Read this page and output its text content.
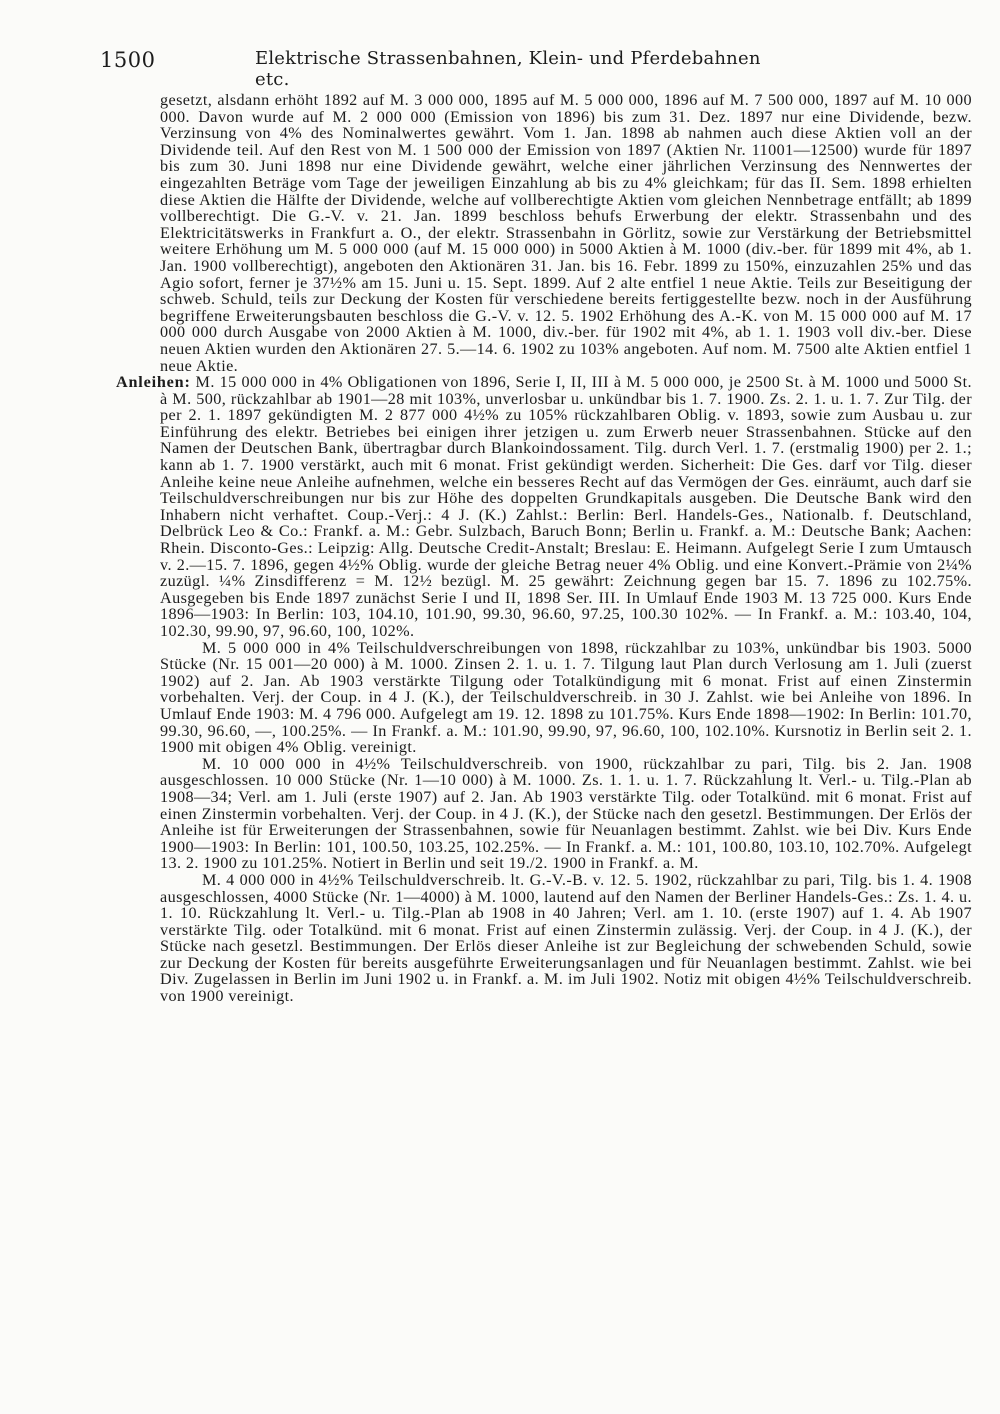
1500	Elektrische Strassenbahnen, Klein- und Pferdebahnen etc.

gesetzt, alsdann erhöht 1892 auf M. 3 000 000, 1895 auf M. 5 000 000, 1896 auf M. 7 500 000, 1897 auf M. 10 000 000. Davon wurde auf M. 2 000 000 (Emission von 1896) bis zum 31. Dez. 1897 nur eine Dividende, bezw. Verzinsung von 4% des Nominalwertes gewährt. Vom 1. Jan. 1898 ab nahmen auch diese Aktien voll an der Dividende teil. Auf den Rest von M. 1 500 000 der Emission von 1897 (Aktien Nr. 11001—12500) wurde für 1897 bis zum 30. Juni 1898 nur eine Dividende gewährt, welche einer jährlichen Verzinsung des Nennwertes der eingezahlten Beträge vom Tage der jeweiligen Einzahlung ab bis zu 4% gleichkam; für das II. Sem. 1898 erhielten diese Aktien die Hälfte der Dividende, welche auf vollberechtigte Aktien vom gleichen Nennbetrage entfällt; ab 1899 vollberechtigt. Die G.-V. v. 21. Jan. 1899 beschloss behufs Erwerbung der elektr. Strassenbahn und des Elektricitätswerks in Frankfurt a. O., der elektr. Strassenbahn in Görlitz, sowie zur Verstärkung der Betriebsmittel weitere Erhöhung um M. 5 000 000 (auf M. 15 000 000) in 5000 Aktien à M. 1000 (div.-ber. für 1899 mit 4%, ab 1. Jan. 1900 vollberechtigt), angeboten den Aktionären 31. Jan. bis 16. Febr. 1899 zu 150%, einzuzahlen 25% und das Agio sofort, ferner je 37½% am 15. Juni u. 15. Sept. 1899. Auf 2 alte entfiel 1 neue Aktie. Teils zur Beseitigung der schweb. Schuld, teils zur Deckung der Kosten für verschiedene bereits fertiggestellte bezw. noch in der Ausführung begriffene Erweiterungsbauten beschloss die G.-V. v. 12. 5. 1902 Erhöhung des A.-K. von M. 15 000 000 auf M. 17 000 000 durch Ausgabe von 2000 Aktien à M. 1000, div.-ber. für 1902 mit 4%, ab 1. 1. 1903 voll div.-ber. Diese neuen Aktien wurden den Aktionären 27. 5.—14. 6. 1902 zu 103% angeboten. Auf nom. M. 7500 alte Aktien entfiel 1 neue Aktie.

Anleihen: M. 15 000 000 in 4% Obligationen von 1896, Serie I, II, III à M. 5 000 000, je 2500 St. à M. 1000 und 5000 St. à M. 500, rückzahlbar ab 1901—28 mit 103%, unverlosbar u. unkündbar bis 1. 7. 1900. Zs. 2. 1. u. 1. 7. Zur Tilg. der per 2. 1. 1897 gekündigten M. 2 877 000 4½% zu 105% rückzahlbaren Oblig. v. 1893, sowie zum Ausbau u. zur Einführung des elektr. Betriebes bei einigen ihrer jetzigen u. zum Erwerb neuer Strassenbahnen. Stücke auf den Namen der Deutschen Bank, übertragbar durch Blankoindossament. Tilg. durch Verl. 1. 7. (erstmalig 1900) per 2. 1.; kann ab 1. 7. 1900 verstärkt, auch mit 6 monat. Frist gekündigt werden. Sicherheit: Die Ges. darf vor Tilg. dieser Anleihe keine neue Anleihe aufnehmen, welche ein besseres Recht auf das Vermögen der Ges. einräumt, auch darf sie Teilschuldverschreibungen nur bis zur Höhe des doppelten Grundkapitals ausgeben. Die Deutsche Bank wird den Inhabern nicht verhaftet. Coup.-Verj.: 4 J. (K.) Zahlst.: Berlin: Berl. Handels-Ges., Nationalb. f. Deutschland, Delbrück Leo & Co.: Frankf. a. M.: Gebr. Sulzbach, Baruch Bonn; Berlin u. Frankf. a. M.: Deutsche Bank; Aachen: Rhein. Disconto-Ges.: Leipzig: Allg. Deutsche Credit-Anstalt; Breslau: E. Heimann. Aufgelegt Serie I zum Umtausch v. 2.—15. 7. 1896, gegen 4½% Oblig. wurde der gleiche Betrag neuer 4% Oblig. und eine Konvert.-Prämie von 2¼% zuzügl. ¼% Zinsdifferenz = M. 12½ bezügl. M. 25 gewährt: Zeichnung gegen bar 15. 7. 1896 zu 102.75%. Ausgegeben bis Ende 1897 zunächst Serie I und II, 1898 Ser. III. In Umlauf Ende 1903 M. 13 725 000. Kurs Ende 1896—1903: In Berlin: 103, 104.10, 101.90, 99.30, 96.60, 97.25, 100.30 102%. — In Frankf. a. M.: 103.40, 104, 102.30, 99.90, 97, 96.60, 100, 102%.

M. 5 000 000 in 4% Teilschuldverschreibungen von 1898, rückzahlbar zu 103%, unkündbar bis 1903. 5000 Stücke (Nr. 15 001—20 000) à M. 1000. Zinsen 2. 1. u. 1. 7. Tilgung laut Plan durch Verlosung am 1. Juli (zuerst 1902) auf 2. Jan. Ab 1903 verstärkte Tilgung oder Totalkündigung mit 6 monat. Frist auf einen Zinstermin vorbehalten. Verj. der Coup. in 4 J. (K.), der Teilschuldverschreib. in 30 J. Zahlst. wie bei Anleihe von 1896. In Umlauf Ende 1903: M. 4 796 000. Aufgelegt am 19. 12. 1898 zu 101.75%. Kurs Ende 1898—1902: In Berlin: 101.70, 99.30, 96.60, —, 100.25%. — In Frankf. a. M.: 101.90, 99.90, 97, 96.60, 100, 102.10%. Kursnotiz in Berlin seit 2. 1. 1900 mit obigen 4% Oblig. vereinigt.

M. 10 000 000 in 4½% Teilschuldverschreib. von 1900, rückzahlbar zu pari, Tilg. bis 2. Jan. 1908 ausgeschlossen. 10 000 Stücke (Nr. 1—10 000) à M. 1000. Zs. 1. 1. u. 1. 7. Rückzahlung lt. Verl.- u. Tilg.-Plan ab 1908—34; Verl. am 1. Juli (erste 1907) auf 2. Jan. Ab 1903 verstärkte Tilg. oder Totalkünd. mit 6 monat. Frist auf einen Zinstermin vorbehalten. Verj. der Coup. in 4 J. (K.), der Stücke nach den gesetzl. Bestimmungen. Der Erlös der Anleihe ist für Erweiterungen der Strassenbahnen, sowie für Neuanlagen bestimmt. Zahlst. wie bei Div. Kurs Ende 1900—1903: In Berlin: 101, 100.50, 103.25, 102.25%. — In Frankf. a. M.: 101, 100.80, 103.10, 102.70%. Aufgelegt 13. 2. 1900 zu 101.25%. Notiert in Berlin und seit 19./2. 1900 in Frankf. a. M.

M. 4 000 000 in 4½% Teilschuldverschreib. lt. G.-V.-B. v. 12. 5. 1902, rückzahlbar zu pari, Tilg. bis 1. 4. 1908 ausgeschlossen, 4000 Stücke (Nr. 1—4000) à M. 1000, lautend auf den Namen der Berliner Handels-Ges.: Zs. 1. 4. u. 1. 10. Rückzahlung lt. Verl.- u. Tilg.-Plan ab 1908 in 40 Jahren; Verl. am 1. 10. (erste 1907) auf 1. 4. Ab 1907 verstärkte Tilg. oder Totalkünd. mit 6 monat. Frist auf einen Zinstermin zulässig. Verj. der Coup. in 4 J. (K.), der Stücke nach gesetzl. Bestimmungen. Der Erlös dieser Anleihe ist zur Begleichung der schwebenden Schuld, sowie zur Deckung der Kosten für bereits ausgeführte Erweiterungsanlagen und für Neuanlagen bestimmt. Zahlst. wie bei Div. Zugelassen in Berlin im Juni 1902 u. in Frankf. a. M. im Juli 1902. Notiz mit obigen 4½% Teilschuldverschreib. von 1900 vereinigt.
